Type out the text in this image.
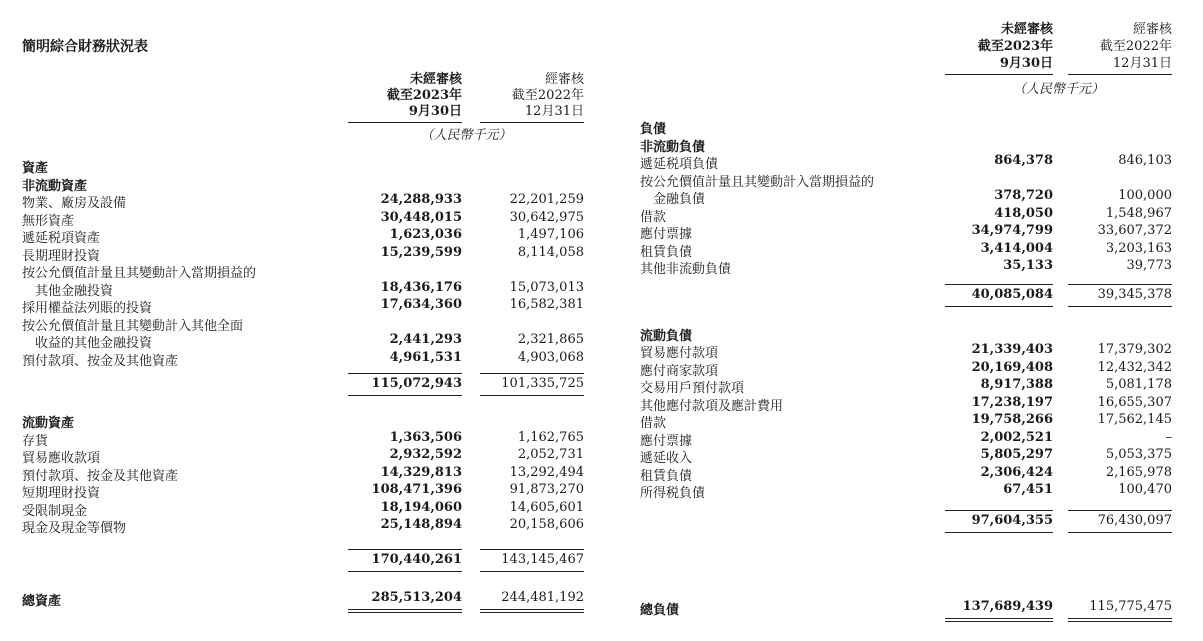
簡明綜合財務狀況表
未經審核
截至2023年
9月30日
經審核
截至2022年
12月31日
（人民幣千元）
資產
非流動資產
物業、廠房及設備	24,288,933	22,201,259
無形資產	30,448,015	30,642,975
遞延税項資產	1,623,036	1,497,106
長期理財投資	15,239,599	8,114,058
按公允價值計量且其變動計入當期損益的
　其他金融投資	18,436,176	15,073,013
採用權益法列賬的投資	17,634,360	16,582,381
按公允價值計量且其變動計入其他全面
　收益的其他金融投資	2,441,293	2,321,865
預付款項、按金及其他資產	4,961,531	4,903,068
115,072,943	101,335,725
流動資產
存貨	1,363,506	1,162,765
貿易應收款項	2,932,592	2,052,731
預付款項、按金及其他資產	14,329,813	13,292,494
短期理財投資	108,471,396	91,873,270
受限制現金	18,194,060	14,605,601
現金及現金等價物	25,148,894	20,158,606
170,440,261	143,145,467
總資產	285,513,204	244,481,192
未經審核
截至2023年
9月30日
經審核
截至2022年
12月31日
（人民幣千元）
負債
非流動負債
遞延税項負債	864,378	846,103
按公允價值計量且其變動計入當期損益的
　金融負債	378,720	100,000
借款	418,050	1,548,967
應付票據	34,974,799	33,607,372
租賃負債	3,414,004	3,203,163
其他非流動負債	35,133	39,773
40,085,084	39,345,378
流動負債
貿易應付款項	21,339,403	17,379,302
應付商家款項	20,169,408	12,432,342
交易用戶預付款項	8,917,388	5,081,178
其他應付款項及應計費用	17,238,197	16,655,307
借款	19,758,266	17,562,145
應付票據	2,002,521	–
遞延收入	5,805,297	5,053,375
租賃負債	2,306,424	2,165,978
所得税負債	67,451	100,470
97,604,355	76,430,097
總負債	137,689,439	115,775,475
